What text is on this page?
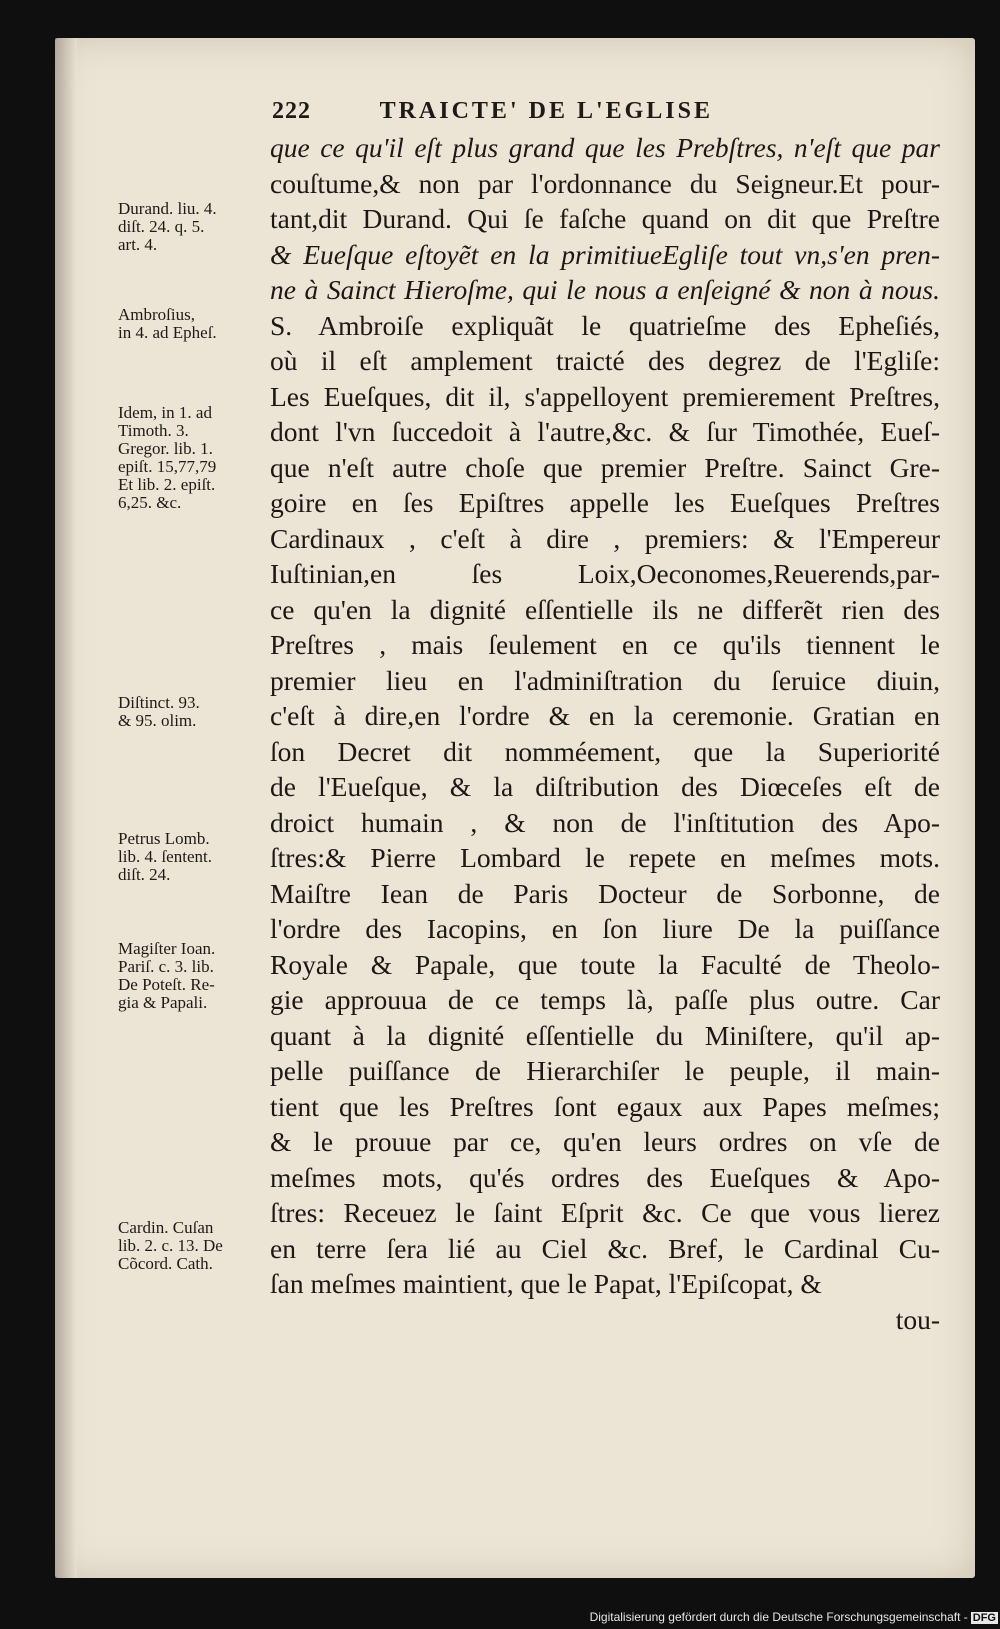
222	TRAICTE' DE L'EGLISE
que ce qu'il eſt plus grand que les Prebſtres, n'eſt que par
couſtume,& non par l'ordonnance du Seigneur.Et pour-
tant,dit Durand. Qui ſe faſche quand on dit que Preſtre
& Eueſque eſtoyẽt en la primitiueEgliſe tout vn,s'en pren-
ne à Sainct Hieroſme, qui le nous a enſeigné & non à nous.
S. Ambroiſe expliquãt le quatrieſme des Epheſiés,
où il eſt amplement traicté des degrez de l'Egliſe:
Les Eueſques, dit il, s'appelloyent premierement Preſtres,
dont l'vn ſuccedoit à l'autre,&c. & ſur Timothée, Eueſ-
que n'eſt autre choſe que premier Preſtre. Sainct Gre-
goire en ſes Epiſtres appelle les Eueſques Preſtres
Cardinaux , c'eſt à dire , premiers: & l'Empereur
Iuſtinian,en ſes Loix,Oeconomes,Reuerends,par-
ce qu'en la dignité eſſentielle ils ne differẽt rien des
Preſtres , mais ſeulement en ce qu'ils tiennent le
premier lieu en l'adminiſtration du ſeruice diuin,
c'eſt à dire,en l'ordre & en la ceremonie. Gratian en
ſon Decret dit nomméement, que la Superiorité
de l'Eueſque, & la diſtribution des Diœceſes eſt de
droict humain , & non de l'inſtitution des Apo-
ſtres:& Pierre Lombard le repete en meſmes mots.
Maiſtre Iean de Paris Docteur de Sorbonne, de
l'ordre des Iacopins, en ſon liure De la puiſſance
Royale & Papale, que toute la Faculté de Theolo-
gie approuua de ce temps là, paſſe plus outre. Car
quant à la dignité eſſentielle du Miniſtere, qu'il ap-
pelle puiſſance de Hierarchiſer le peuple, il main-
tient que les Preſtres ſont egaux aux Papes meſmes;
& le prouue par ce, qu'en leurs ordres on vſe de
meſmes mots, qu'és ordres des Eueſques & Apo-
ſtres: Receuez le ſaint Eſprit &c. Ce que vous lierez
en terre ſera lié au Ciel &c. Bref, le Cardinal Cu-
ſan meſmes maintient, que le Papat, l'Epiſcopat, &
tou-
Durand. liu. 4.
diſt. 24. q. 5.
art. 4.
Ambroſius,
in 4. ad Epheſ.
Idem, in 1. ad
Timoth. 3.
Gregor. lib. 1.
epiſt. 15,77,79
Et lib. 2. epiſt.
6,25. &c.
Diſtinct. 93.
& 95. olim.
Petrus Lomb.
lib. 4. ſentent.
diſt. 24.
Magiſter Ioan.
Pariſ. c. 3. lib.
De Poteſt. Re-
gia & Papali.
Cardin. Cuſan
lib. 2. c. 13. De
Cõcord. Cath.
Digitalisierung gefördert durch die Deutsche Forschungsgemeinschaft - DFG
